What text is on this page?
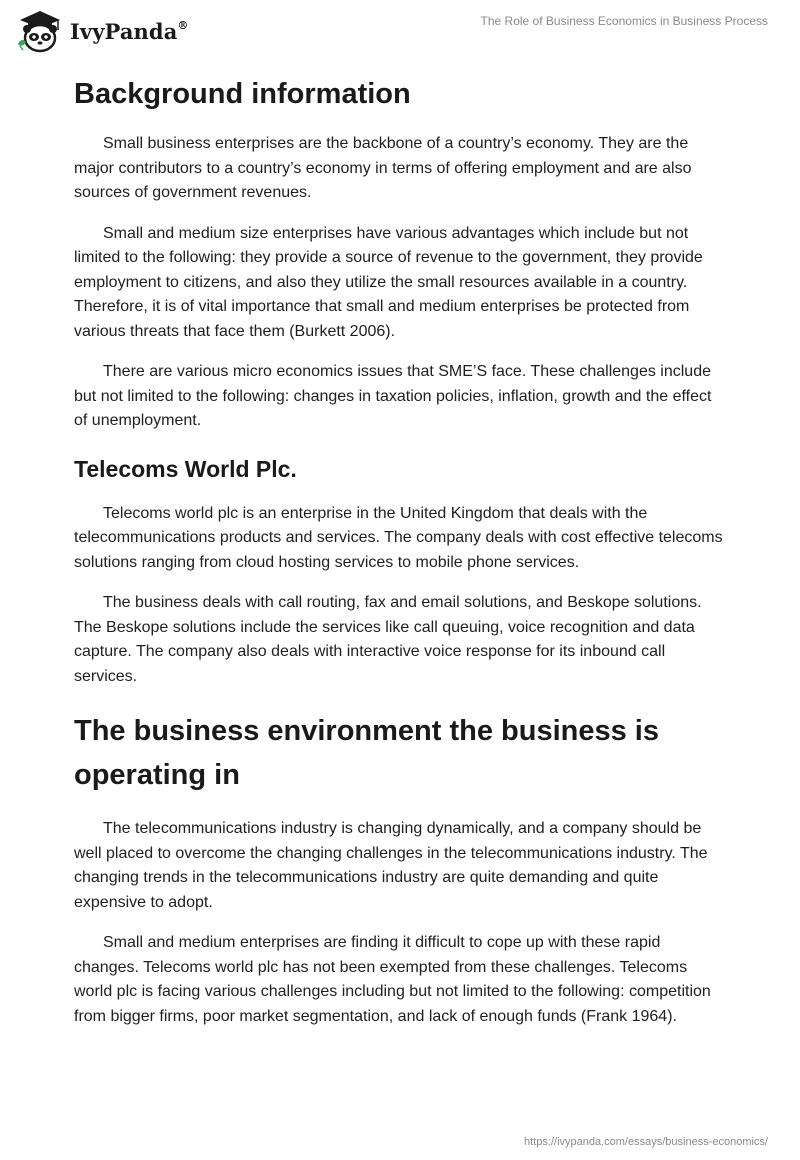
IvyPanda®	The Role of Business Economics in Business Process
Background information

Small business enterprises are the backbone of a country’s economy. They are the major contributors to a country’s economy in terms of offering employment and are also sources of government revenues.

Small and medium size enterprises have various advantages which include but not limited to the following: they provide a source of revenue to the government, they provide employment to citizens, and also they utilize the small resources available in a country. Therefore, it is of vital importance that small and medium enterprises be protected from various threats that face them (Burkett 2006).

There are various micro economics issues that SME’S face. These challenges include but not limited to the following: changes in taxation policies, inflation, growth and the effect of unemployment.

Telecoms World Plc.

Telecoms world plc is an enterprise in the United Kingdom that deals with the telecommunications products and services. The company deals with cost effective telecoms solutions ranging from cloud hosting services to mobile phone services.

The business deals with call routing, fax and email solutions, and Beskope solutions. The Beskope solutions include the services like call queuing, voice recognition and data capture. The company also deals with interactive voice response for its inbound call services.

The business environment the business is operating in

The telecommunications industry is changing dynamically, and a company should be well placed to overcome the changing challenges in the telecommunications industry. The changing trends in the telecommunications industry are quite demanding and quite expensive to adopt.

Small and medium enterprises are finding it difficult to cope up with these rapid changes. Telecoms world plc has not been exempted from these challenges. Telecoms world plc is facing various challenges including but not limited to the following: competition from bigger firms, poor market segmentation, and lack of enough funds (Frank 1964).

https://ivypanda.com/essays/business-economics/
